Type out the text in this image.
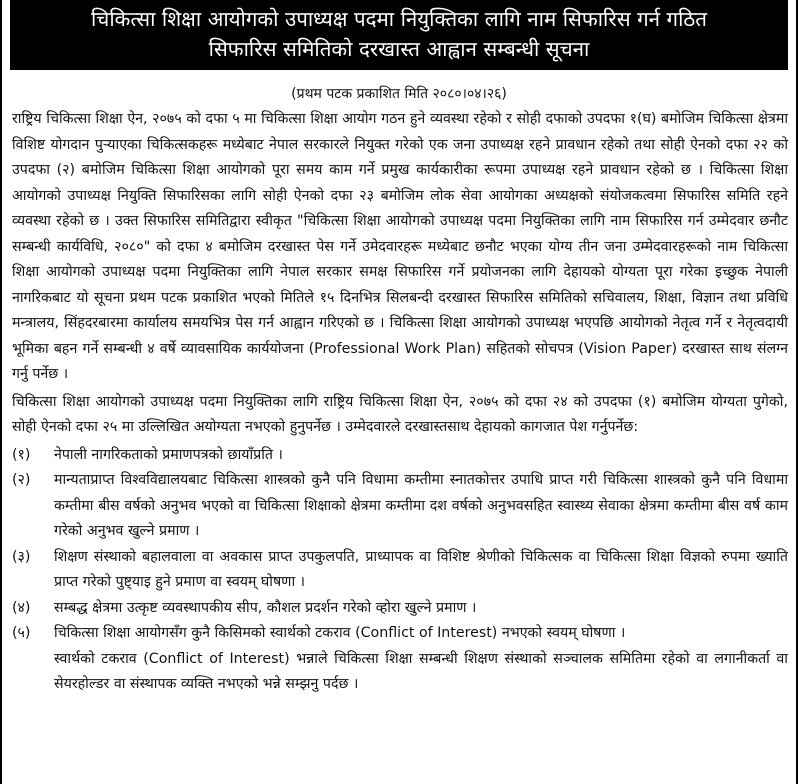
चिकित्सा शिक्षा आयोगको उपाध्यक्ष पदमा नियुक्तिका लागि नाम सिफारिस गर्न गठित
सिफारिस समितिको दरखास्त आह्वान सम्बन्धी सूचना
(प्रथम पटक प्रकाशित मिति २०८०।०४।२६)

राष्ट्रिय चिकित्सा शिक्षा ऐन, २०७५ को दफा ५ मा चिकित्सा शिक्षा आयोग गठन हुने व्यवस्था रहेको र सोही दफाको उपदफा १(घ) बमोजिम चिकित्सा क्षेत्रमा विशिष्ट योगदान पुर्‍याएका चिकित्सकहरू मध्येबाट नेपाल सरकारले नियुक्त गरेको एक जना उपाध्यक्ष रहने प्रावधान रहेको तथा सोही ऐनको दफा २२ को उपदफा (२) बमोजिम चिकित्सा शिक्षा आयोगको पूरा समय काम गर्ने प्रमुख कार्यकारीका रूपमा उपाध्यक्ष रहने प्रावधान रहेको छ । चिकित्सा शिक्षा आयोगको उपाध्यक्ष नियुक्ति सिफारिसका लागि सोही ऐनको दफा २३ बमोजिम लोक सेवा आयोगका अध्यक्षको संयोजकत्वमा सिफारिस समिति रहने व्यवस्था रहेको छ । उक्त सिफारिस समितिद्वारा स्वीकृत "चिकित्सा शिक्षा आयोगको उपाध्यक्ष पदमा नियुक्तिका लागि नाम सिफारिस गर्न उम्मेदवार छनौट सम्बन्धी कार्यविधि, २०८०" को दफा ४ बमोजिम दरखास्त पेस गर्ने उमेदवारहरू मध्येबाट छनौट भएका योग्य तीन जना उम्मेदवारहरूको नाम चिकित्सा शिक्षा आयोगको उपाध्यक्ष पदमा नियुक्तिका लागि नेपाल सरकार समक्ष सिफारिस गर्ने प्रयोजनका लागि देहायको योग्यता पूरा गरेका इच्छुक नेपाली नागरिकबाट यो सूचना प्रथम पटक प्रकाशित भएको मितिले १५ दिनभित्र सिलबन्दी दरखास्त सिफारिस समितिको सचिवालय, शिक्षा, विज्ञान तथा प्रविधि मन्त्रालय, सिंहदरबारमा कार्यालय समयभित्र पेस गर्न आह्वान गरिएको छ । चिकित्सा शिक्षा आयोगको उपाध्यक्ष भएपछि आयोगको नेतृत्व गर्ने र नेतृत्वदायी भूमिका बहन गर्ने सम्बन्धी ४ वर्षे व्यावसायिक कार्ययोजना (Professional Work Plan) सहितको सोचपत्र (Vision Paper) दरखास्त साथ संलग्न गर्नु पर्नेछ ।

चिकित्सा शिक्षा आयोगको उपाध्यक्ष पदमा नियुक्तिका लागि राष्ट्रिय चिकित्सा शिक्षा ऐन, २०७५ को दफा २४ को उपदफा (१) बमोजिम योग्यता पुगेको, सोही ऐनको दफा २५ मा उल्लिखित अयोग्यता नभएको हुनुपर्नेछ । उम्मेदवारले दरखास्तसाथ देहायको कागजात पेश गर्नुपर्नेछ:

(१)	नेपाली नागरिकताको प्रमाणपत्रको छायाँप्रति ।
(२)	मान्यताप्राप्त विश्वविद्यालयबाट चिकित्सा शास्त्रको कुनै पनि विधामा कम्तीमा स्नातकोत्तर उपाधि प्राप्त गरी चिकित्सा शास्त्रको कुनै पनि विधामा कम्तीमा बीस वर्षको अनुभव भएको वा चिकित्सा शिक्षाको क्षेत्रमा कम्तीमा दश वर्षको अनुभवसहित स्वास्थ्य सेवाका क्षेत्रमा कम्तीमा बीस वर्ष काम गरेको अनुभव खुल्ने प्रमाण ।
(३)	शिक्षण संस्थाको बहालवाला वा अवकास प्राप्त उपकुलपति, प्राध्यापक वा विशिष्ट श्रेणीको चिकित्सक वा चिकित्सा शिक्षा विज्ञको रुपमा ख्याति प्राप्त गरेको पुष्ट्याइ हुने प्रमाण वा स्वयम् घोषणा ।
(४)	सम्बद्ध क्षेत्रमा उत्कृष्ट व्यवस्थापकीय सीप, कौशल प्रदर्शन गरेको व्होरा खुल्ने प्रमाण ।
(५)	चिकित्सा शिक्षा आयोगसँग कुनै किसिमको स्वार्थको टकराव (Conflict of Interest) नभएको स्वयम् घोषणा ।
स्वार्थको टकराव (Conflict of Interest) भन्नाले चिकित्सा शिक्षा सम्बन्धी शिक्षण संस्थाको सञ्चालक समितिमा रहेको वा लगानीकर्ता वा सेयरहोल्डर वा संस्थापक व्यक्ति नभएको भन्ने सम्झनु पर्दछ ।
